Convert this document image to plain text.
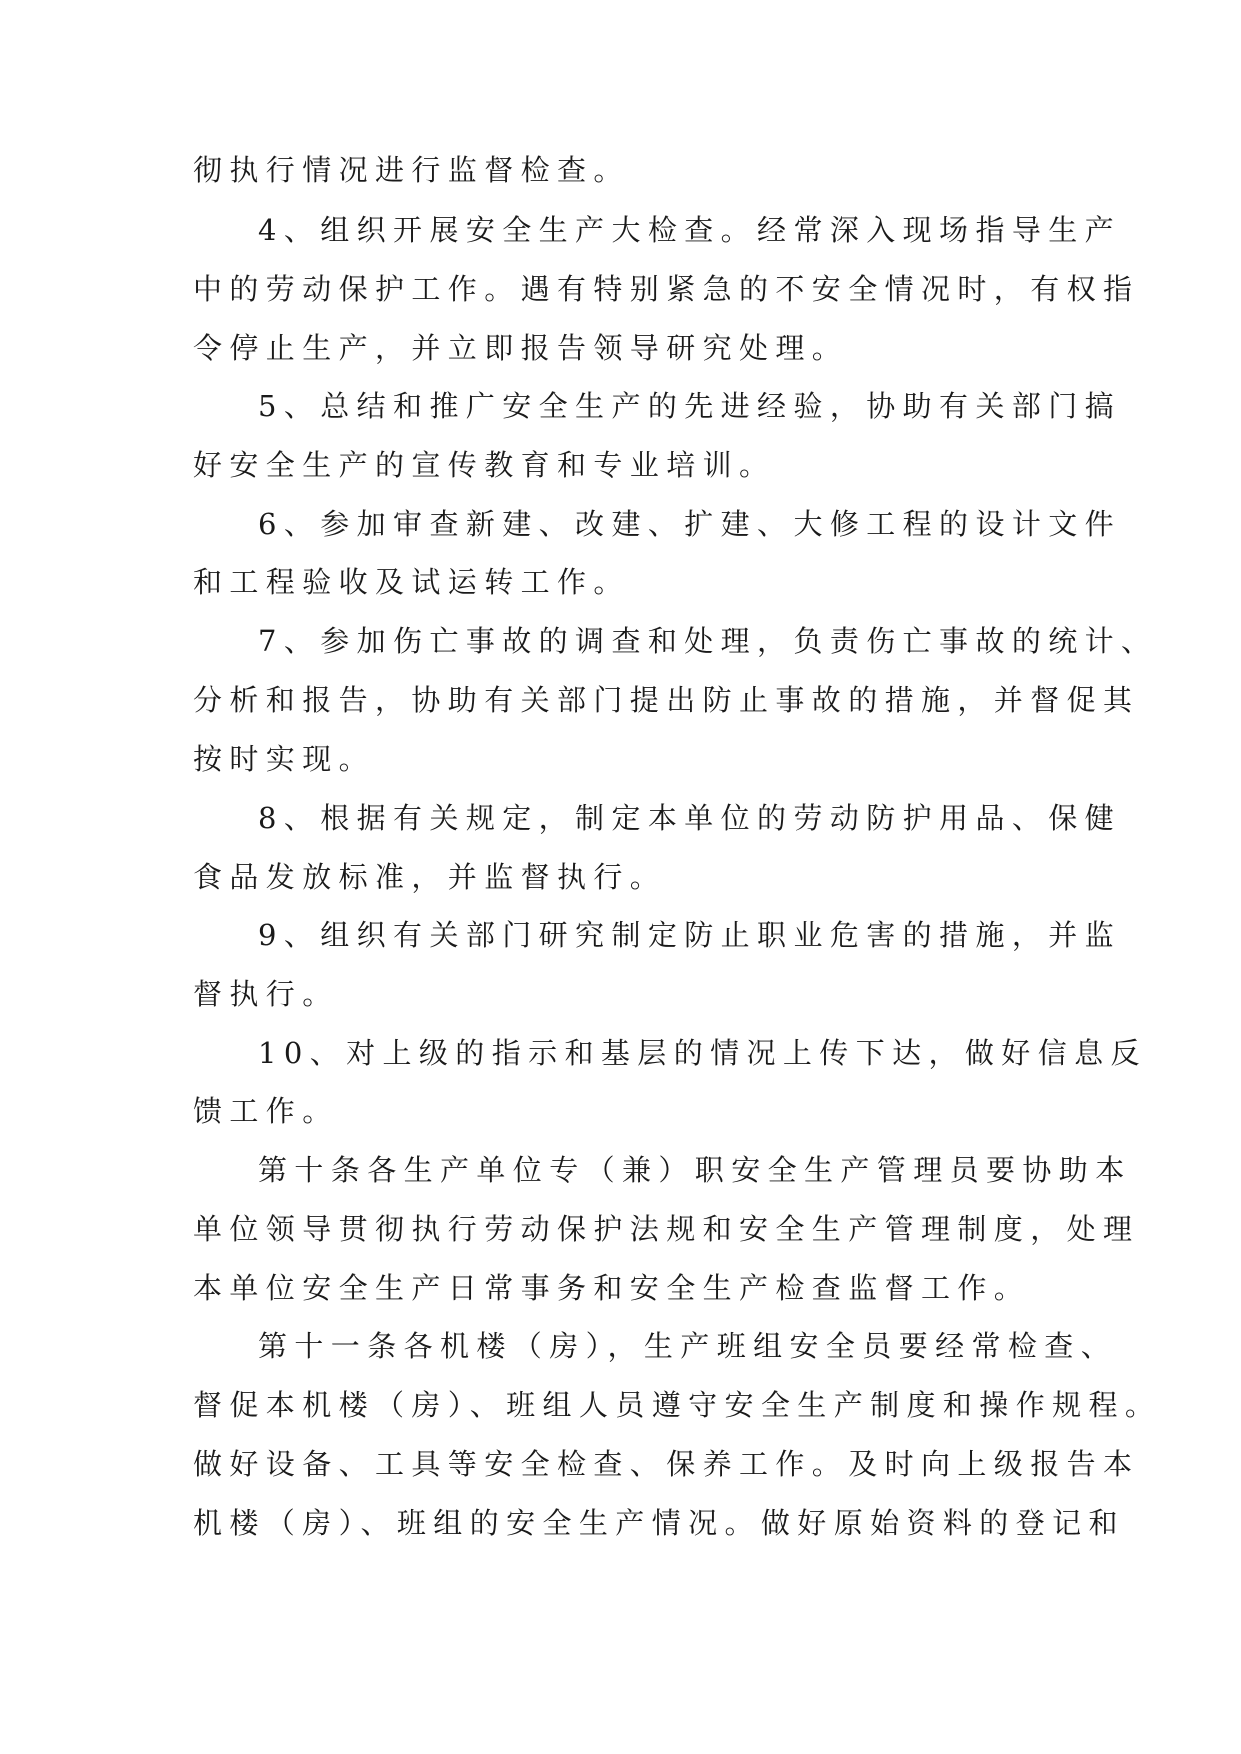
彻执行情况进行监督检查。
4、组织开展安全生产大检查。经常深入现场指导生产
中的劳动保护工作。遇有特别紧急的不安全情况时，有权指
令停止生产，并立即报告领导研究处理。
5、总结和推广安全生产的先进经验，协助有关部门搞
好安全生产的宣传教育和专业培训。
6、参加审查新建、改建、扩建、大修工程的设计文件
和工程验收及试运转工作。
7、参加伤亡事故的调查和处理，负责伤亡事故的统计、
分析和报告，协助有关部门提出防止事故的措施，并督促其
按时实现。
8、根据有关规定，制定本单位的劳动防护用品、保健
食品发放标准，并监督执行。
9、组织有关部门研究制定防止职业危害的措施，并监
督执行。
10、对上级的指示和基层的情况上传下达，做好信息反
馈工作。
第十条各生产单位专（兼）职安全生产管理员要协助本
单位领导贯彻执行劳动保护法规和安全生产管理制度，处理
本单位安全生产日常事务和安全生产检查监督工作。
第十一条各机楼（房），生产班组安全员要经常检查、
督促本机楼（房）、班组人员遵守安全生产制度和操作规程。
做好设备、工具等安全检查、保养工作。及时向上级报告本
机楼（房）、班组的安全生产情况。做好原始资料的登记和
